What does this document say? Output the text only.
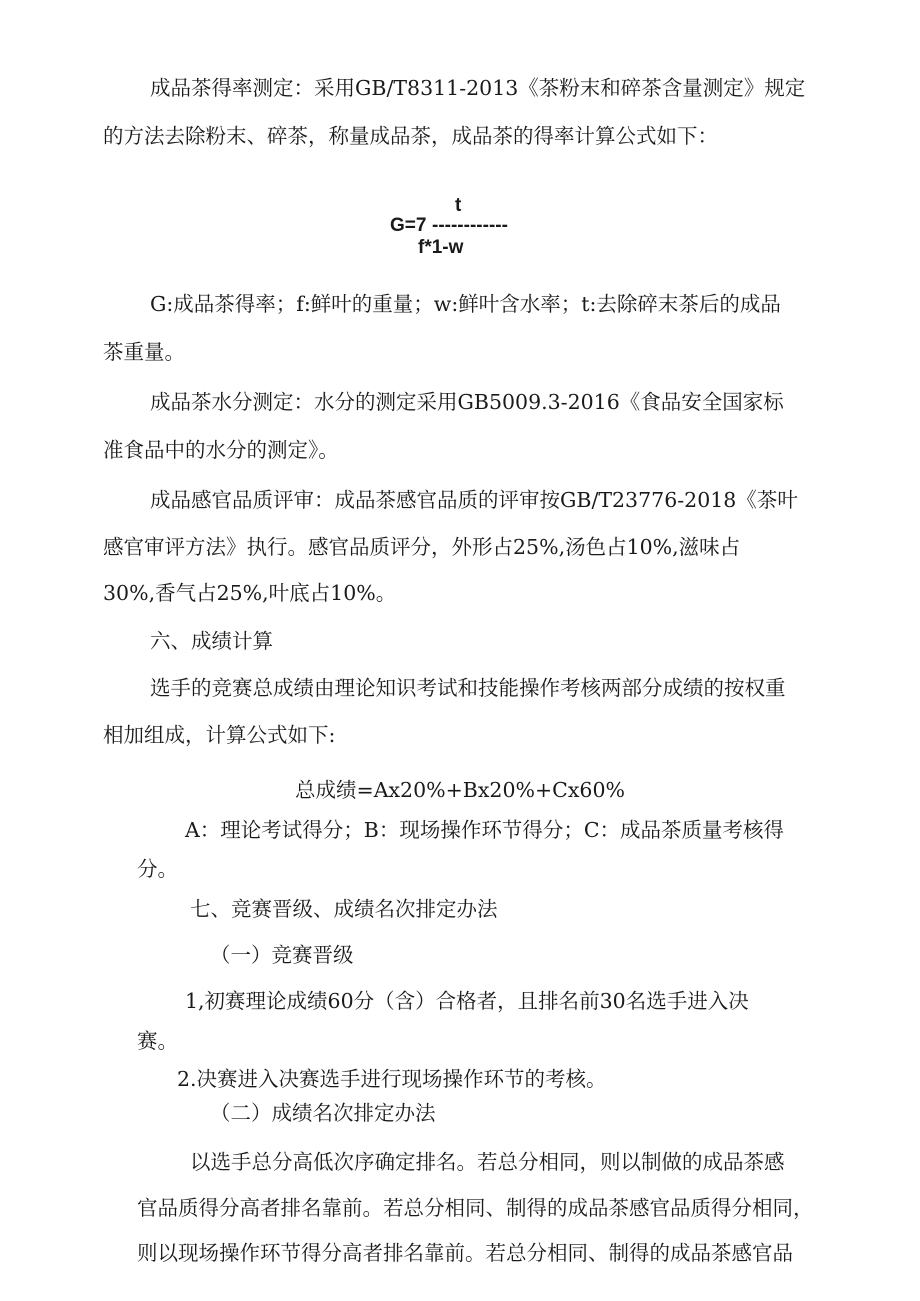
成品茶得率测定：采用GB/T8311-2013《茶粉末和碎茶含量测定》规定
的方法去除粉末、碎茶，称量成品茶，成品茶的得率计算公式如下：
t
G=7 ------------
f*1-w
G:成品茶得率；f:鲜叶的重量；w:鲜叶含水率；t:去除碎末茶后的成品
茶重量。
成品茶水分测定：水分的测定采用GB5009.3-2016《食品安全国家标
准食品中的水分的测定》。
成品感官品质评审：成品茶感官品质的评审按GB/T23776-2018《茶叶
感官审评方法》执行。感官品质评分，外形占25%,汤色占10%,滋味占
30%,香气占25%,叶底占10%。
六、成绩计算
选手的竞赛总成绩由理论知识考试和技能操作考核两部分成绩的按权重
相加组成，计算公式如下:
总成绩=Ax20%+Bx20%+Cx60%
A：理论考试得分；B：现场操作环节得分；C：成品茶质量考核得
分。
七、竞赛晋级、成绩名次排定办法
（一）竞赛晋级
1,初赛理论成绩60分（含）合格者，且排名前30名选手进入决
赛。
2.决赛进入决赛选手进行现场操作环节的考核。
（二）成绩名次排定办法
以选手总分高低次序确定排名。若总分相同，则以制做的成品茶感
官品质得分高者排名靠前。若总分相同、制得的成品茶感官品质得分相同，
则以现场操作环节得分高者排名靠前。若总分相同、制得的成品茶感官品
